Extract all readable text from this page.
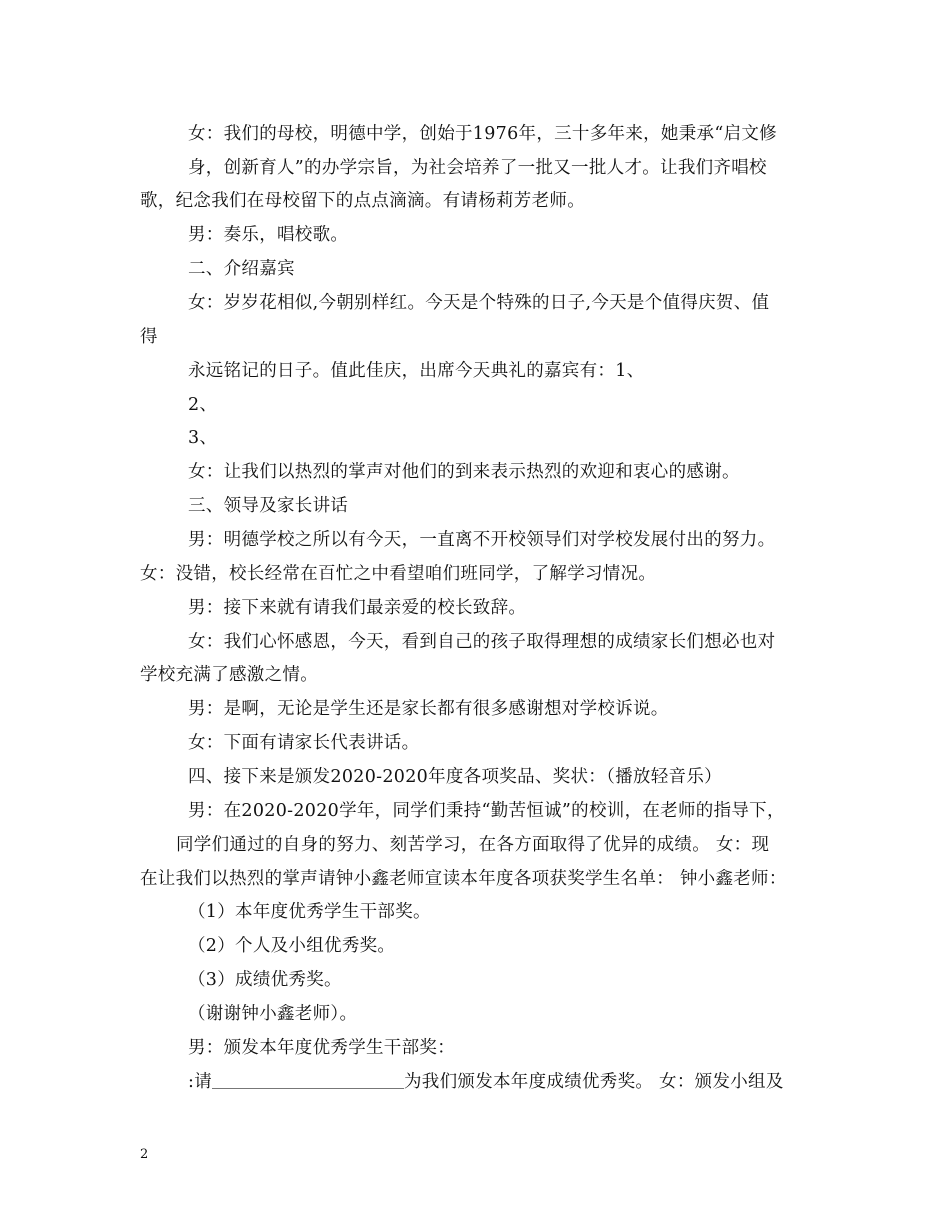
女：我们的母校，明德中学，创始于1976年，三十多年来，她秉承“启文修
身，创新育人”的办学宗旨，为社会培养了一批又一批人才。让我们齐唱校
歌，纪念我们在母校留下的点点滴滴。有请杨莉芳老师。
男：奏乐，唱校歌。
二、介绍嘉宾
女：岁岁花相似,今朝别样红。今天是个特殊的日子,今天是个值得庆贺、值
得
永远铭记的日子。值此佳庆，出席今天典礼的嘉宾有：1、
2、
3、
女：让我们以热烈的掌声对他们的到来表示热烈的欢迎和衷心的感谢。
三、领导及家长讲话
男：明德学校之所以有今天，一直离不开校领导们对学校发展付出的努力。
女：没错，校长经常在百忙之中看望咱们班同学，了解学习情况。
男：接下来就有请我们最亲爱的校长致辞。
女：我们心怀感恩，今天，看到自己的孩子取得理想的成绩家长们想必也对
学校充满了感激之情。
男：是啊，无论是学生还是家长都有很多感谢想对学校诉说。
女：下面有请家长代表讲话。
四、接下来是颁发2020-2020年度各项奖品、奖状：（播放轻音乐）
男：在2020-2020学年，同学们秉持“勤苦恒诚”的校训，在老师的指导下，
同学们通过的自身的努力、刻苦学习，在各方面取得了优异的成绩。 女：现
在让我们以热烈的掌声请钟小鑫老师宣读本年度各项获奖学生名单： 钟小鑫老师：
（1）本年度优秀学生干部奖。
（2）个人及小组优秀奖。
（3）成绩优秀奖。
（谢谢钟小鑫老师）。
男：颁发本年度优秀学生干部奖：
:请	为我们颁发本年度成绩优秀奖。 女：颁发小组及
2
